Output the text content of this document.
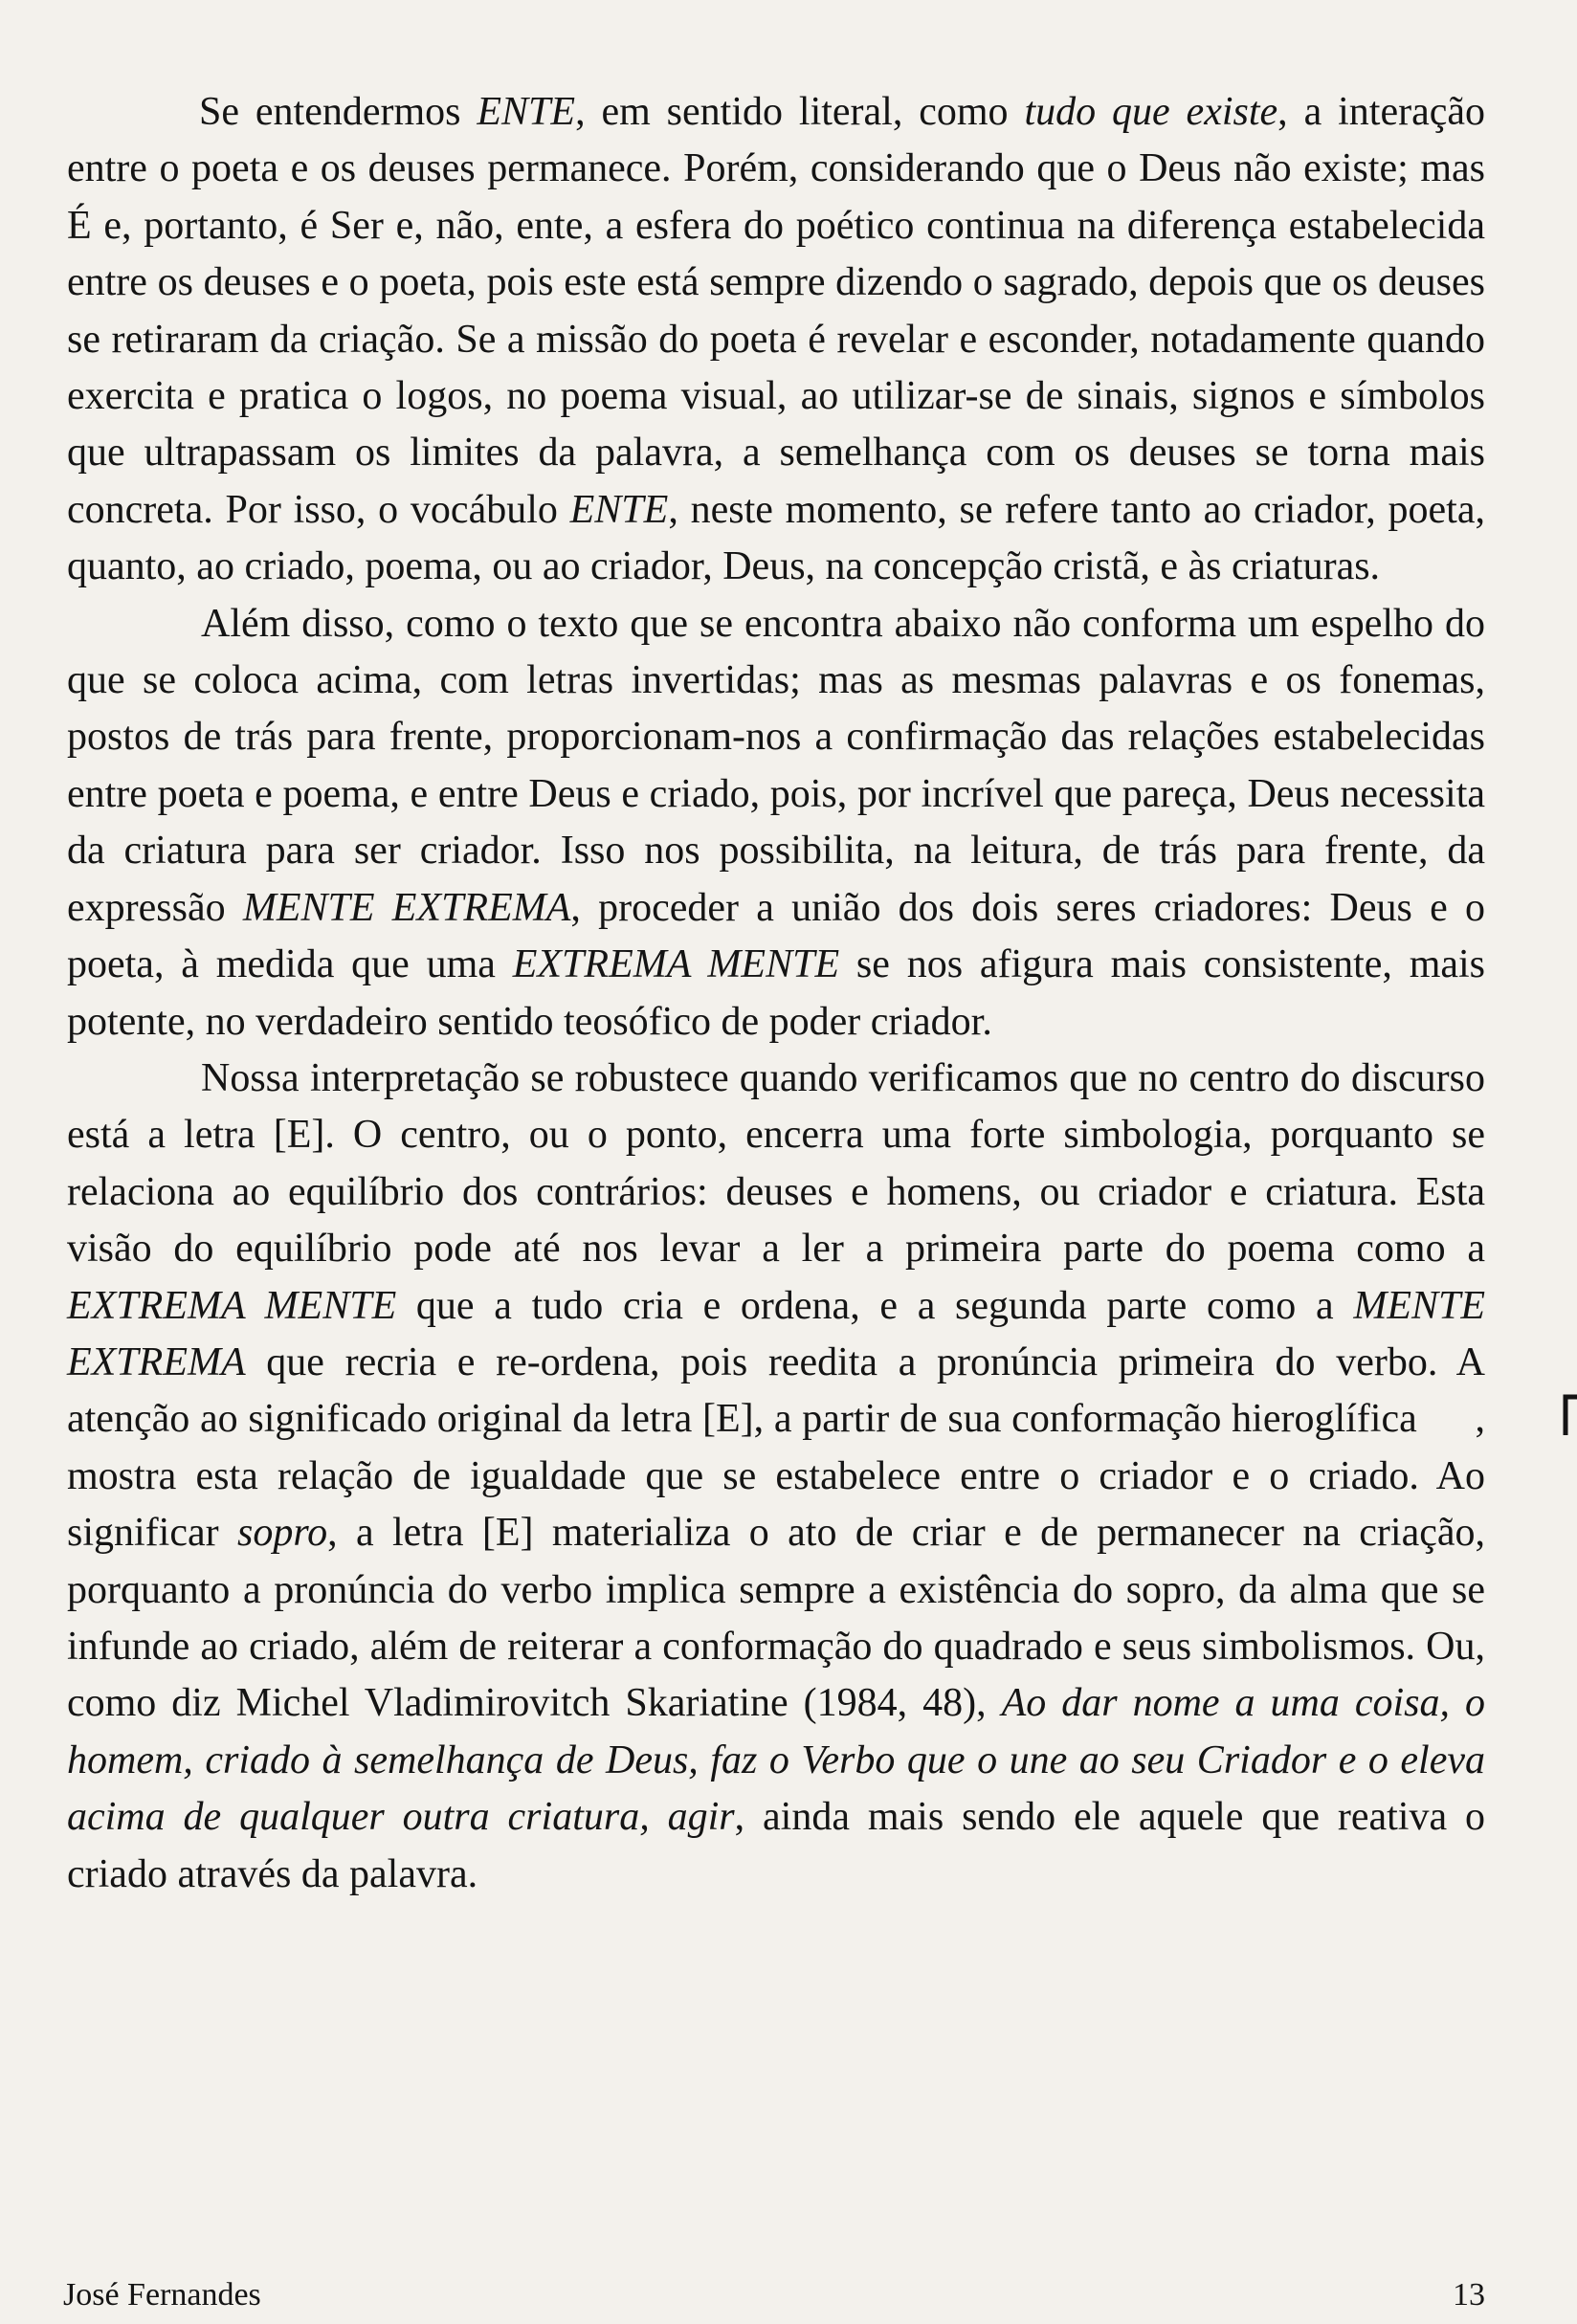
Se entendermos ENTE, em sentido literal, como tudo que existe, a interação entre o poeta e os deuses permanece. Porém, considerando que o Deus não existe; mas É e, portanto, é Ser e, não, ente, a esfera do poético continua na diferença estabelecida entre os deuses e o poeta, pois este está sempre dizendo o sagrado, depois que os deuses se retiraram da criação. Se a missão do poeta é revelar e esconder, notadamente quando exercita e pratica o logos, no poema visual, ao utilizar-se de sinais, signos e símbolos que ultrapassam os limites da palavra, a semelhança com os deuses se torna mais concreta. Por isso, o vocábulo ENTE, neste momento, se refere tanto ao criador, poeta, quanto, ao criado, poema, ou ao criador, Deus, na concepção cristã, e às criaturas.

Além disso, como o texto que se encontra abaixo não conforma um espelho do que se coloca acima, com letras invertidas; mas as mesmas palavras e os fonemas, postos de trás para frente, proporcionam-nos a confirmação das relações estabelecidas entre poeta e poema, e entre Deus e criado, pois, por incrível que pareça, Deus necessita da criatura para ser criador. Isso nos possibilita, na leitura, de trás para frente, da expressão MENTE EXTREMA, proceder a união dos dois seres criadores: Deus e o poeta, à medida que uma EXTREMA MENTE se nos afigura mais consistente, mais potente, no verdadeiro sentido teosófico de poder criador.

Nossa interpretação se robustece quando verificamos que no centro do discurso está a letra [E]. O centro, ou o ponto, encerra uma forte simbologia, porquanto se relaciona ao equilíbrio dos contrários: deuses e homens, ou criador e criatura. Esta visão do equilíbrio pode até nos levar a ler a primeira parte do poema como a EXTREMA MENTE que a tudo cria e ordena, e a segunda parte como a MENTE EXTREMA que recria e re-ordena, pois reedita a pronúncia primeira do verbo. A atenção ao significado original da letra [E], a partir de sua conformação hieroglífica , mostra esta relação de igualdade que se estabelece entre o criador e o criado. Ao significar sopro, a letra [E] materializa o ato de criar e de permanecer na criação, porquanto a pronúncia do verbo implica sempre a existência do sopro, da alma que se infunde ao criado, além de reiterar a conformação do quadrado e seus simbolismos. Ou, como diz Michel Vladimirovitch Skariatine (1984, 48), Ao dar nome a uma coisa, o homem, criado à semelhança de Deus, faz o Verbo que o une ao seu Criador e o eleva acima de qualquer outra criatura, agir, ainda mais sendo ele aquele que reativa o criado através da palavra.

José Fernandes	13
